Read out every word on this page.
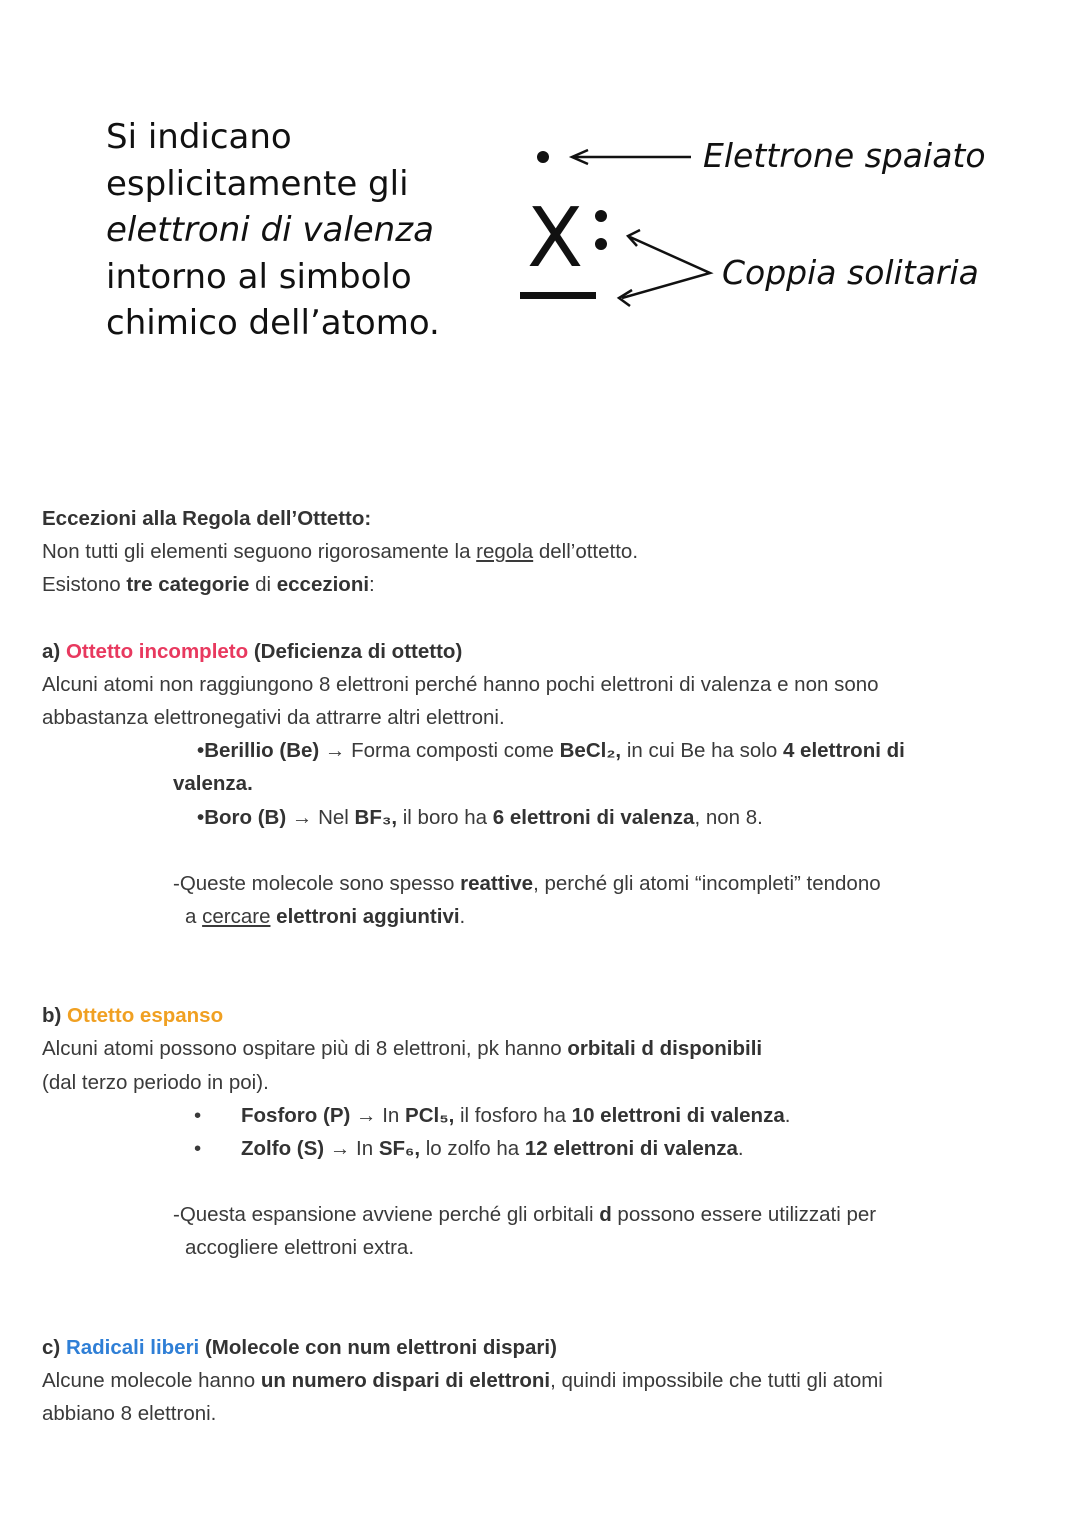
Si indicano
esplicitamente gli
elettroni di valenza
intorno al simbolo
chimico dell’atomo.
X
Elettrone spaiato
Coppia solitaria

Eccezioni alla Regola dell’Ottetto:

Non tutti gli elementi seguono rigorosamente la regola dell’ottetto.

Esistono tre categorie di eccezioni:

a) Ottetto incompleto (Deficienza di ottetto)

Alcuni atomi non raggiungono 8 elettroni perché hanno pochi elettroni di valenza e non sono

abbastanza elettronegativi da attrarre altri elettroni.

•Berillio (Be) → Forma composti come BeCl₂, in cui Be ha solo 4 elettroni di

valenza.

•Boro (B) → Nel BF₃, il boro ha 6 elettroni di valenza, non 8.

-Queste molecole sono spesso reattive, perché gli atomi “incompleti” tendono

a cercare elettroni aggiuntivi.

b) Ottetto espanso

Alcuni atomi possono ospitare più di 8 elettroni, pk hanno orbitali d disponibili

(dal terzo periodo in poi).

•	Fosforo (P) → In PCl₅, il fosforo ha 10 elettroni di valenza.
•	Zolfo (S) → In SF₆, lo zolfo ha 12 elettroni di valenza.

-Questa espansione avviene perché gli orbitali d possono essere utilizzati per

accogliere elettroni extra.

c) Radicali liberi (Molecole con num elettroni dispari)

Alcune molecole hanno un numero dispari di elettroni, quindi impossibile che tutti gli atomi

abbiano 8 elettroni.
